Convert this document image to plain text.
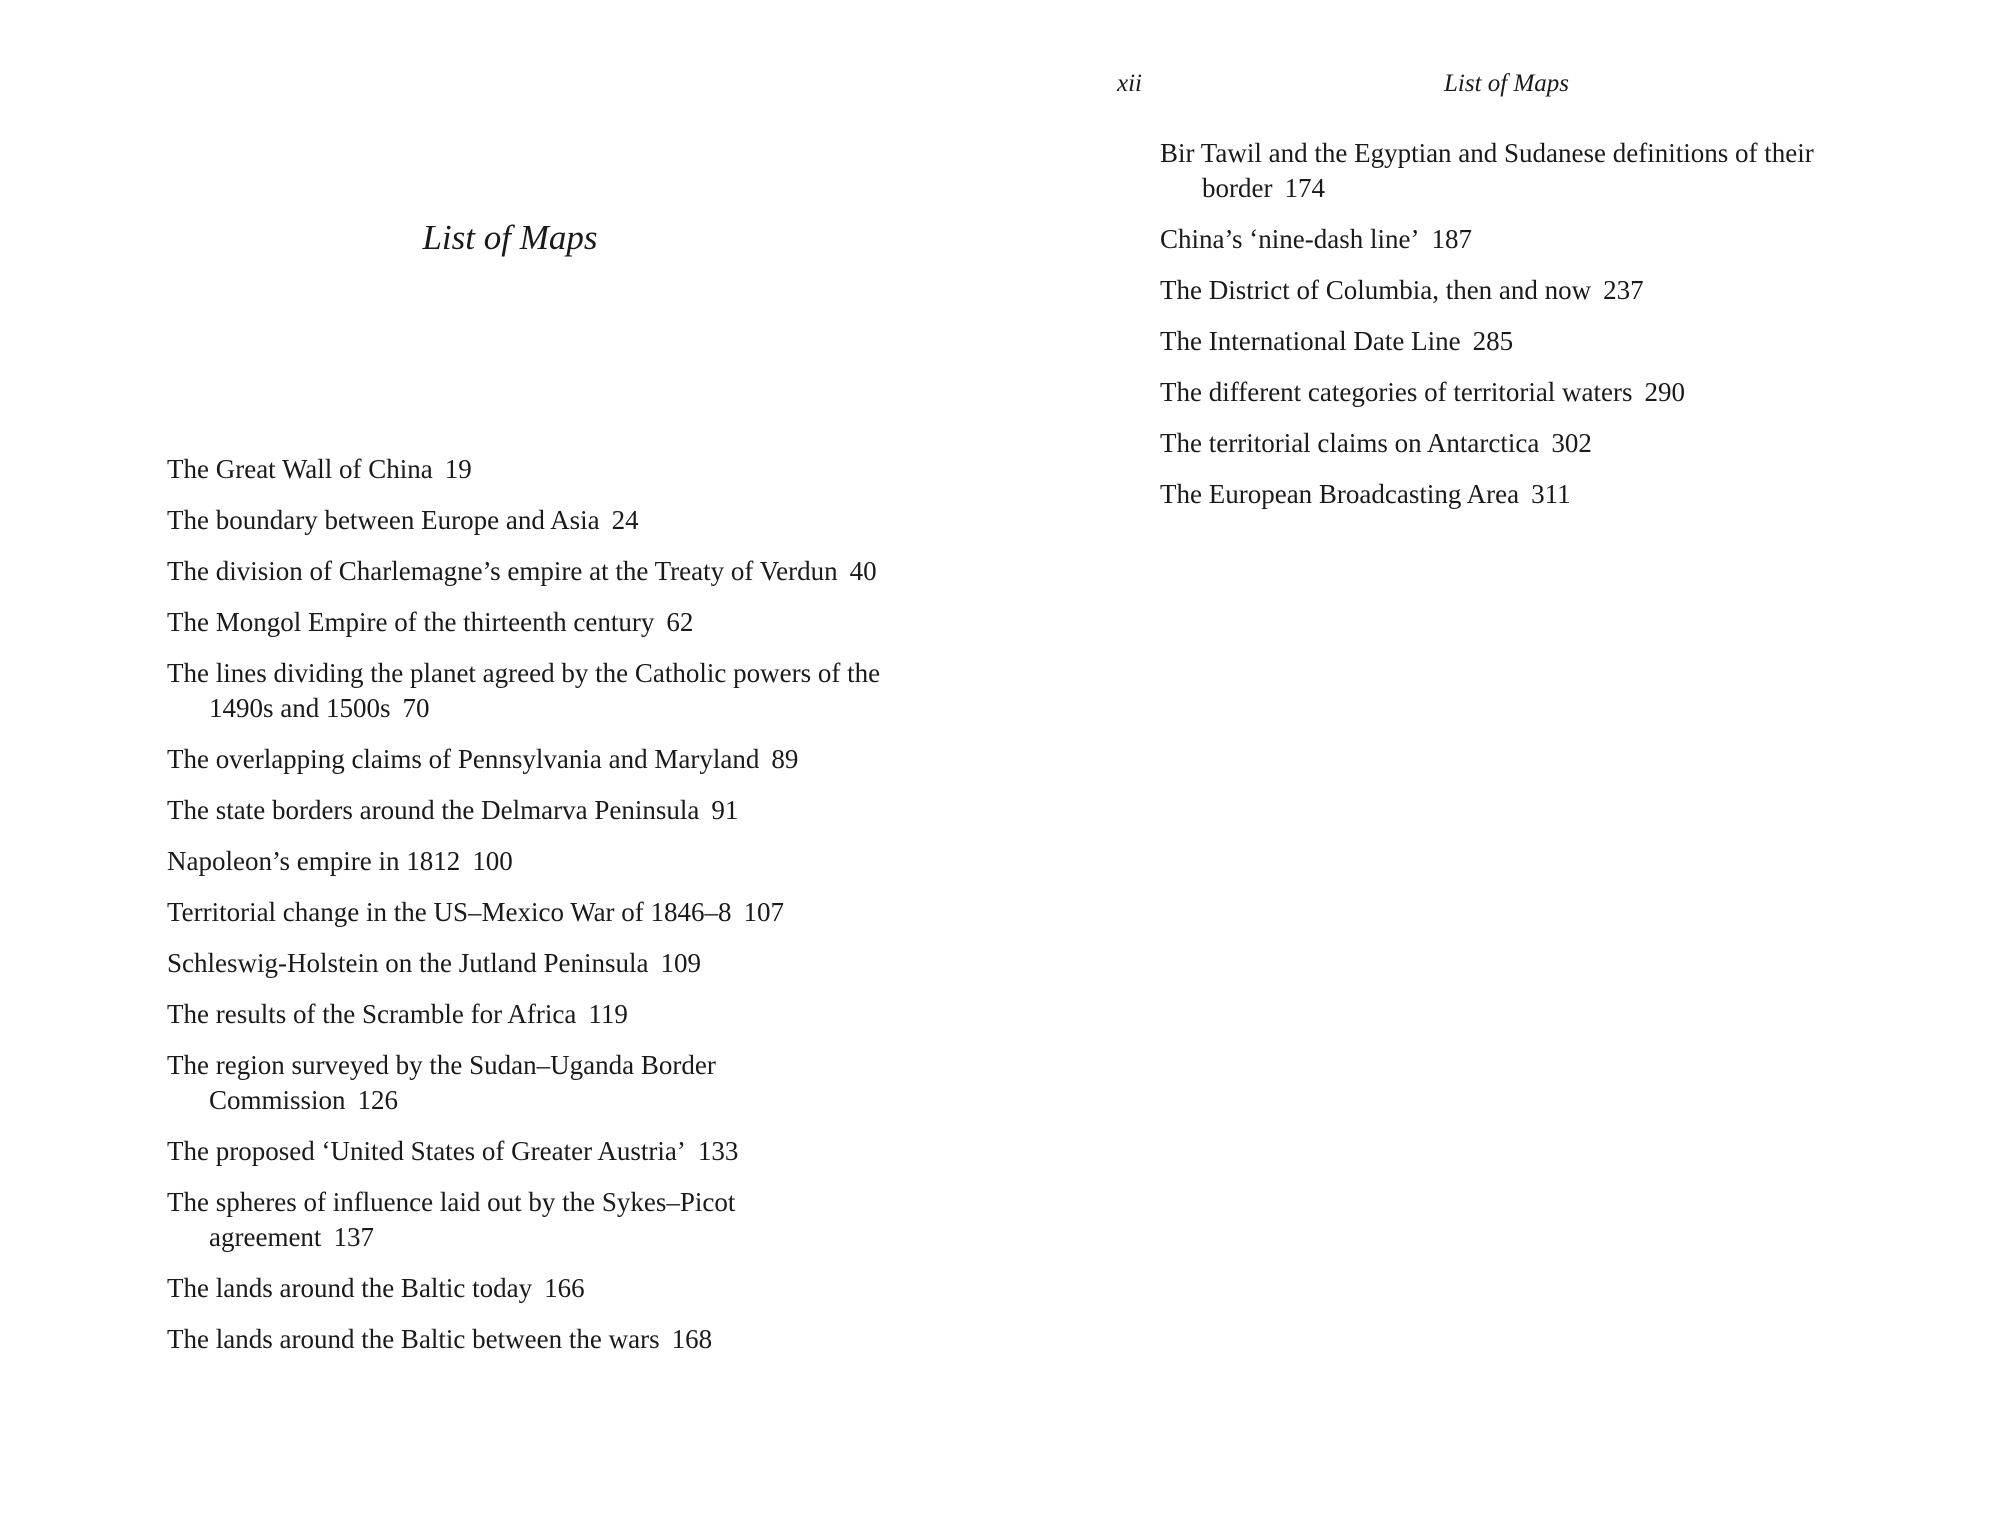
List of Maps
The Great Wall of China 19
The boundary between Europe and Asia 24
The division of Charlemagne’s empire at the Treaty of Verdun 40
The Mongol Empire of the thirteenth century 62
The lines dividing the planet agreed by the Catholic powers of the 1490s and 1500s 70
The overlapping claims of Pennsylvania and Maryland 89
The state borders around the Delmarva Peninsula 91
Napoleon’s empire in 1812 100
Territorial change in the US–Mexico War of 1846–8 107
Schleswig-Holstein on the Jutland Peninsula 109
The results of the Scramble for Africa 119
The region surveyed by the Sudan–Uganda Border Commission 126
The proposed ‘United States of Greater Austria’ 133
The spheres of influence laid out by the Sykes–Picot agreement 137
The lands around the Baltic today 166
The lands around the Baltic between the wars 168

xii	List of Maps

Bir Tawil and the Egyptian and Sudanese definitions of their border 174
China’s ‘nine-dash line’ 187
The District of Columbia, then and now 237
The International Date Line 285
The different categories of territorial waters 290
The territorial claims on Antarctica 302
The European Broadcasting Area 311
